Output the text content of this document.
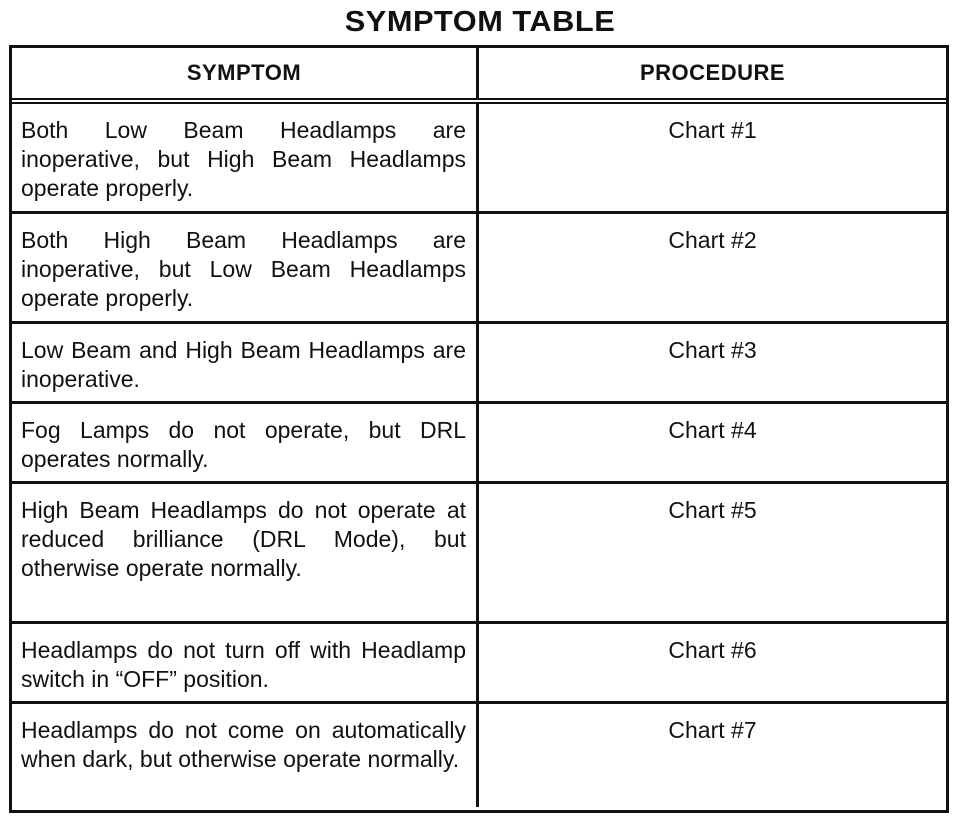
SYMPTOM TABLE
SYMPTOM	PROCEDURE
Both Low Beam Headlamps are inoperative, but High Beam Headlamps operate properly.
Chart #1
Both High Beam Headlamps are inoperative, but Low Beam Headlamps operate properly.
Chart #2
Low Beam and High Beam Headlamps are inoperative.
Chart #3
Fog Lamps do not operate, but DRL operates normally.
Chart #4
High Beam Headlamps do not operate at reduced brilliance (DRL Mode), but otherwise operate normally.
Chart #5
Headlamps do not turn off with Headlamp switch in “OFF” position.
Chart #6
Headlamps do not come on automatically when dark, but otherwise operate normally.
Chart #7
